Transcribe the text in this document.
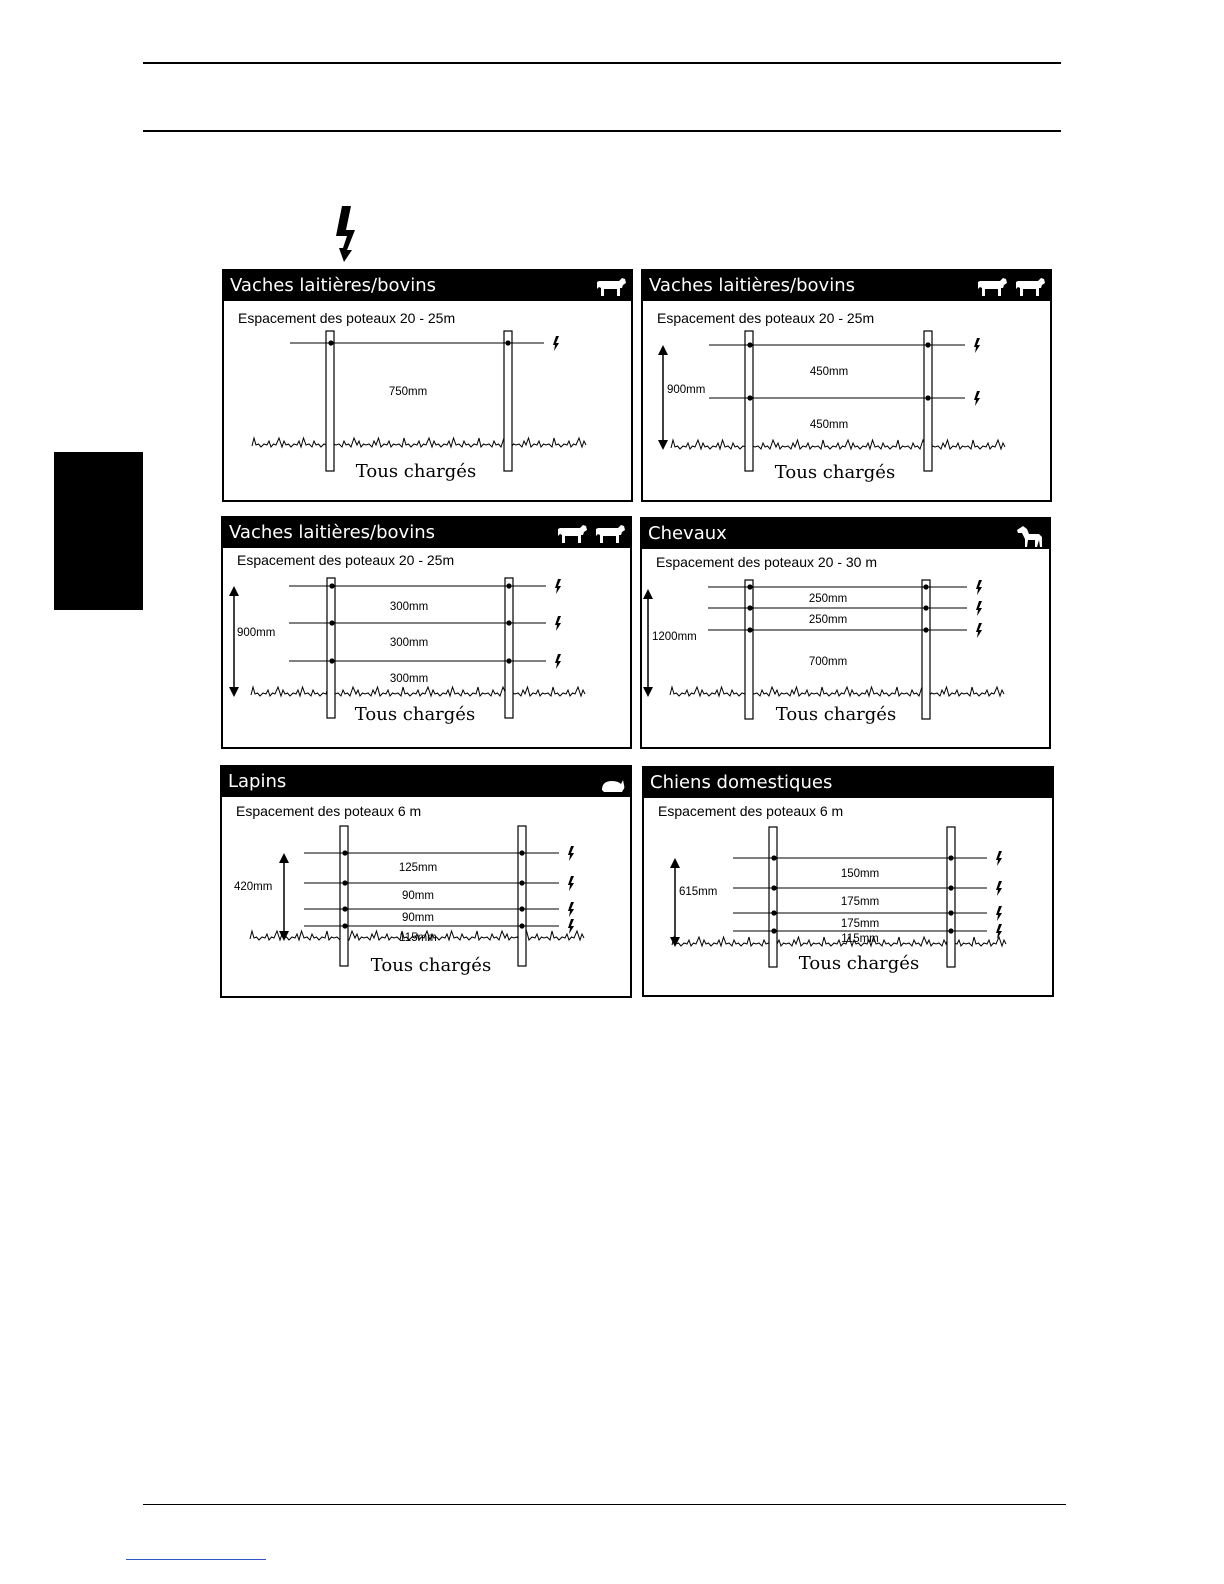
Vaches laitières/bovins
Espacement des poteaux 20 - 25m
750mm
Tous chargés
Vaches laitières/bovins
Espacement des poteaux 20 - 25m
450mm
450mm
900mm
Tous chargés
Vaches laitières/bovins
Espacement des poteaux 20 - 25m
300mm
300mm
300mm
900mm
Tous chargés
Chevaux
Espacement des poteaux 20 - 30 m
250mm
250mm
700mm
1200mm
Tous chargés
Lapins
Espacement des poteaux 6 m
125mm
90mm
90mm
115mm
420mm
Tous chargés
Chiens domestiques
Espacement des poteaux 6 m
150mm
175mm
175mm
115mm
615mm
Tous chargés
